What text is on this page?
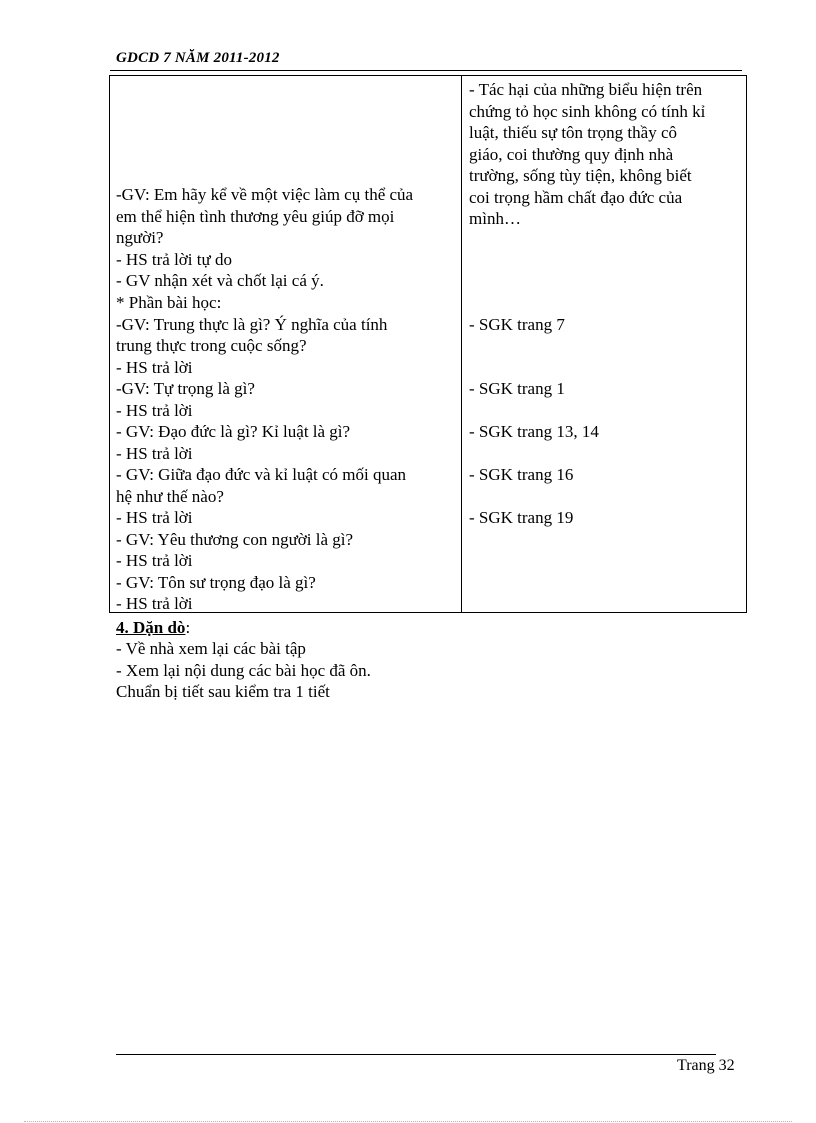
GDCD 7 NĂM 2011-2012
-GV: Em hãy kể về một việc làm cụ thể của
em thể hiện tình thương yêu giúp đỡ mọi
người?
- HS trả lời tự do
- GV nhận xét và chốt lại cá ý.
* Phần bài học:
-GV: Trung thực là gì? Ý nghĩa của tính
trung thực trong cuộc sống?
- HS trả lời
-GV: Tự trọng là gì?
- HS trả lời
- GV: Đạo đức là gì? Kỉ luật là gì?
- HS trả lời
- GV: Giữa đạo đức và kỉ luật có mối quan
hệ như thế nào?
- HS trả lời
- GV: Yêu thương con người là gì?
- HS trả lời
- GV: Tôn sư trọng đạo là gì?
- HS trả lời
- Tác hại của những biểu hiện trên
chứng tỏ học sinh không có tính kỉ
luật, thiếu sự tôn trọng thầy cô
giáo, coi thường quy định nhà
trường, sống tùy tiện, không biết
coi trọng hầm chất đạo đức của
mình…
- SGK trang 7
- SGK trang 1
- SGK trang 13, 14
- SGK trang 16
- SGK trang 19
4. Dặn dò:
- Về nhà xem lại các bài tập
- Xem lại nội dung các bài học đã ôn.
Chuẩn bị tiết sau kiểm tra 1 tiết
Trang 32
